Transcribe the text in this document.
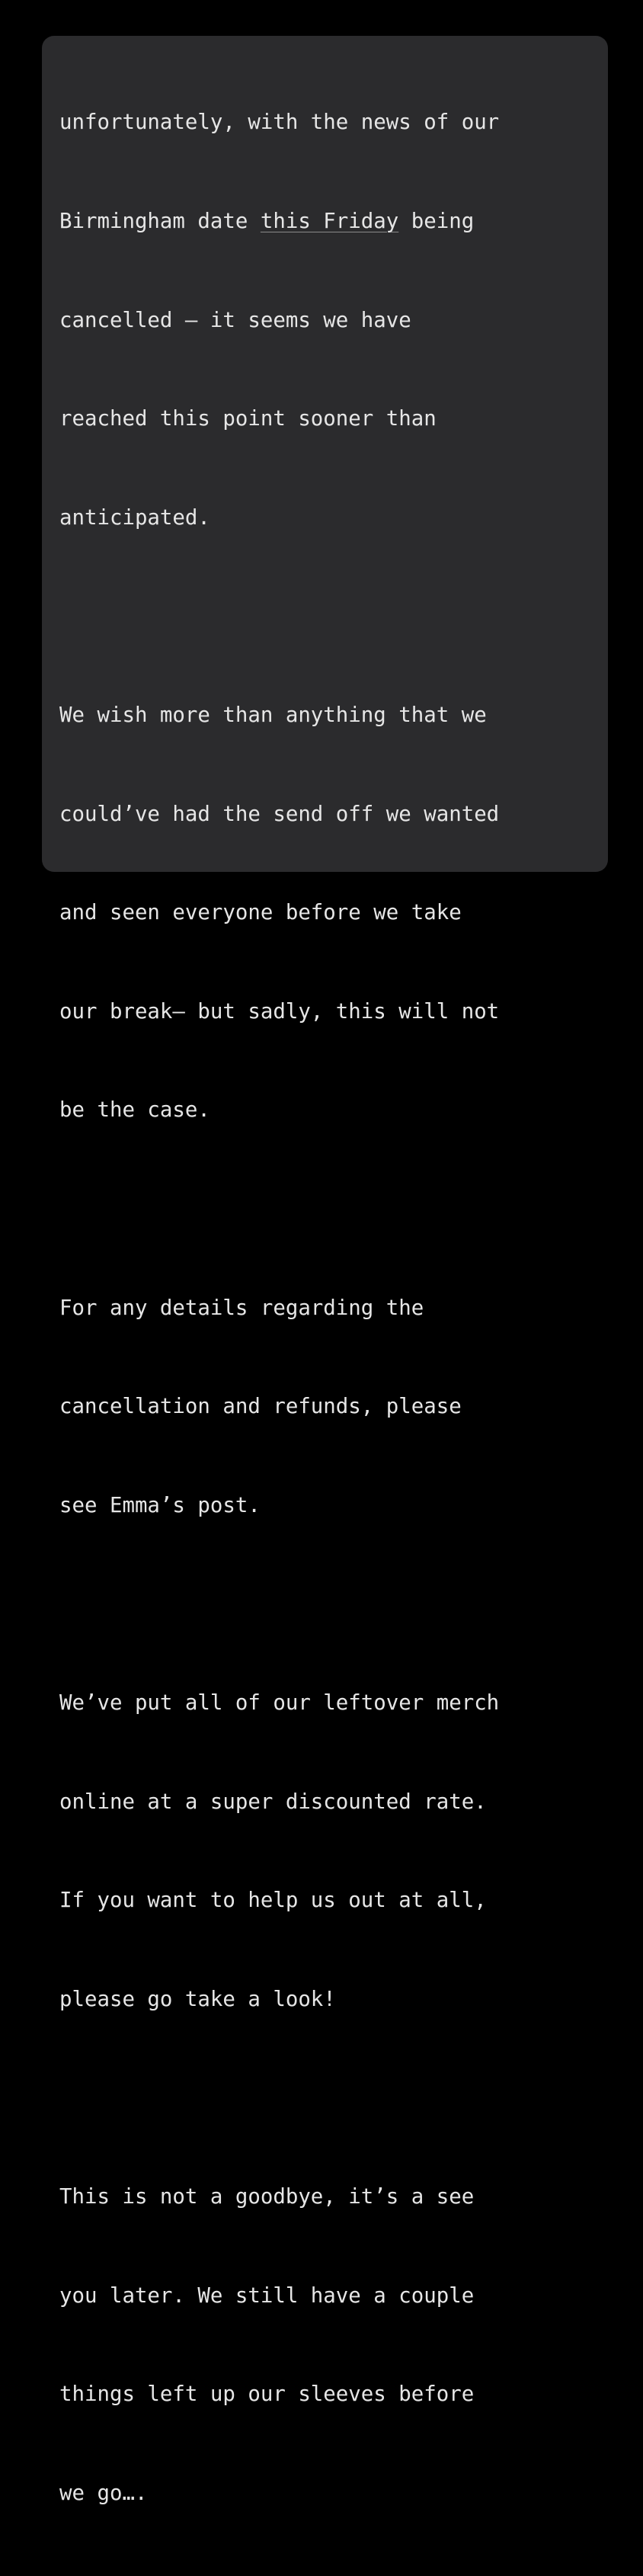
unfortunately, with the news of our

Birmingham date this Friday being

cancelled – it seems we have

reached this point sooner than

anticipated.

We wish more than anything that we

could’ve had the send off we wanted

and seen everyone before we take

our break– but sadly, this will not

be the case.

For any details regarding the

cancellation and refunds, please

see Emma’s post.

We’ve put all of our leftover merch

online at a super discounted rate.

If you want to help us out at all,

please go take a look!

This is not a goodbye, it’s a see

you later. We still have a couple

things left up our sleeves before

we go….
